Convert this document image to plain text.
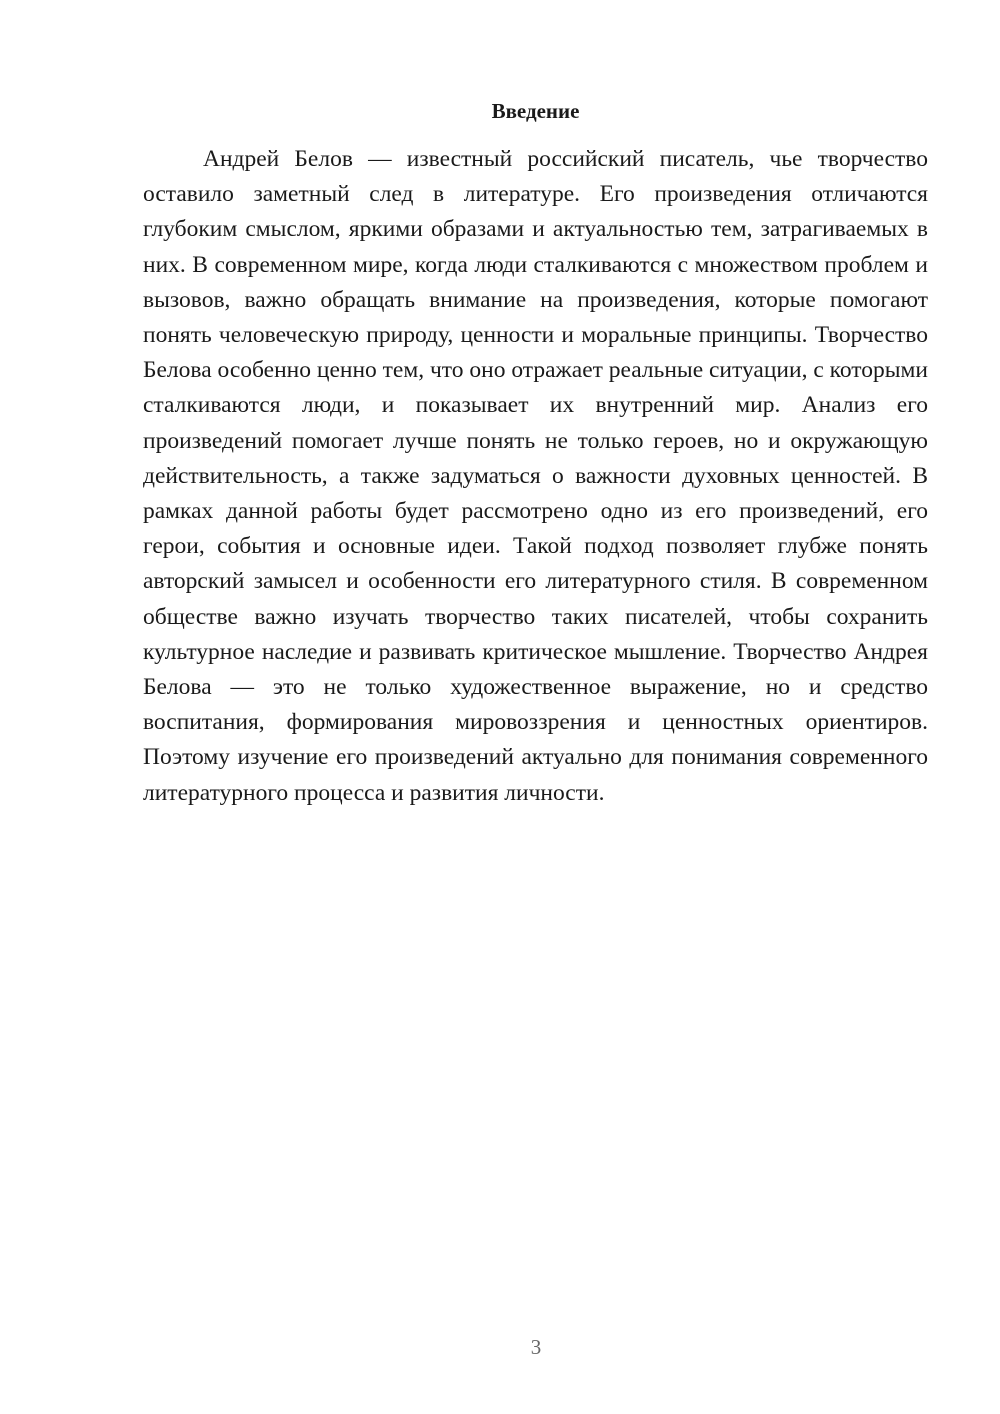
Введение

Андрей Белов — известный российский писатель, чье творчество оставило заметный след в литературе. Его произведения отличаются глубоким смыслом, яркими образами и актуальностью тем, затрагиваемых в них. В современном мире, когда люди сталкиваются с множеством проблем и вызовов, важно обращать внимание на произведения, которые помогают понять человеческую природу, ценности и моральные принципы. Творчество Белова особенно ценно тем, что оно отражает реальные ситуации, с которыми сталкиваются люди, и показывает их внутренний мир. Анализ его произведений помогает лучше понять не только героев, но и окружающую действительность, а также задуматься о важности духовных ценностей. В рамках данной работы будет рассмотрено одно из его произведений, его герои, события и основные идеи. Такой подход позволяет глубже понять авторский замысел и особенности его литературного стиля. В современном обществе важно изучать творчество таких писателей, чтобы сохранить культурное наследие и развивать критическое мышление. Творчество Андрея Белова — это не только художественное выражение, но и средство воспитания, формирования мировоззрения и ценностных ориентиров. Поэтому изучение его произведений актуально для понимания современного литературного процесса и развития личности.

3
